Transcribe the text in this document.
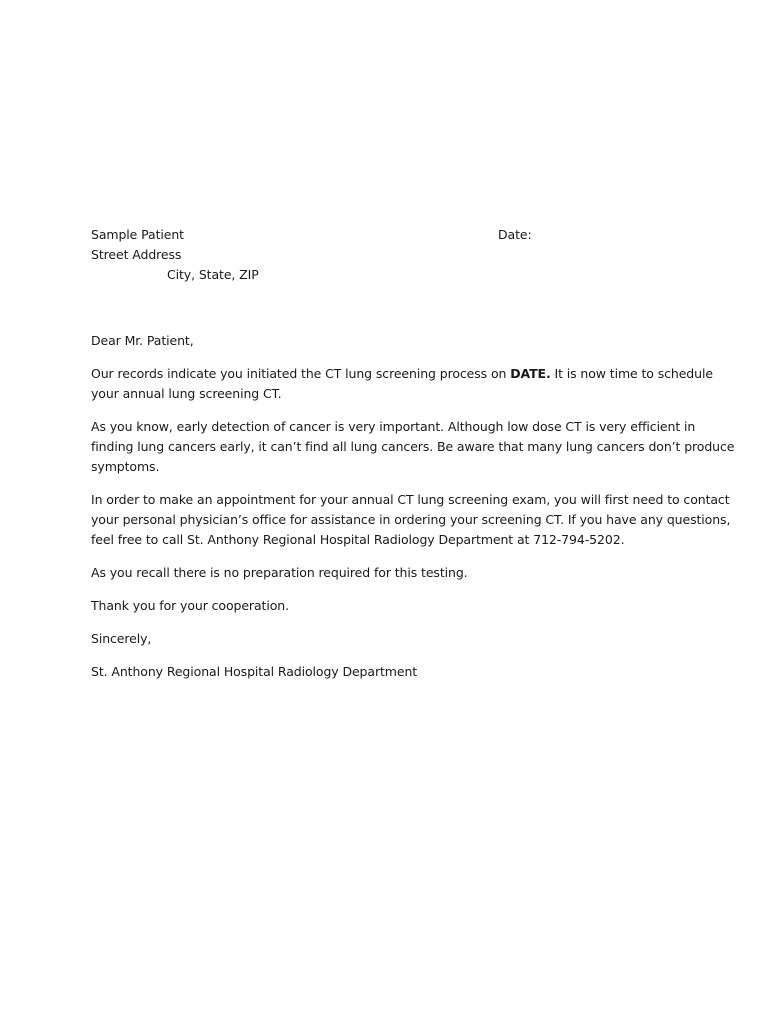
Sample Patient	Date:
Street Address
City, State, ZIP
Dear Mr. Patient,
Our records indicate you initiated the CT lung screening process on DATE. It is now time to schedule
your annual lung screening CT.
As you know, early detection of cancer is very important. Although low dose CT is very efficient in
finding lung cancers early, it can’t find all lung cancers. Be aware that many lung cancers don’t produce
symptoms.
In order to make an appointment for your annual CT lung screening exam, you will first need to contact
your personal physician’s office for assistance in ordering your screening CT. If you have any questions,
feel free to call St. Anthony Regional Hospital Radiology Department at 712-794-5202.
As you recall there is no preparation required for this testing.
Thank you for your cooperation.
Sincerely,
St. Anthony Regional Hospital Radiology Department
